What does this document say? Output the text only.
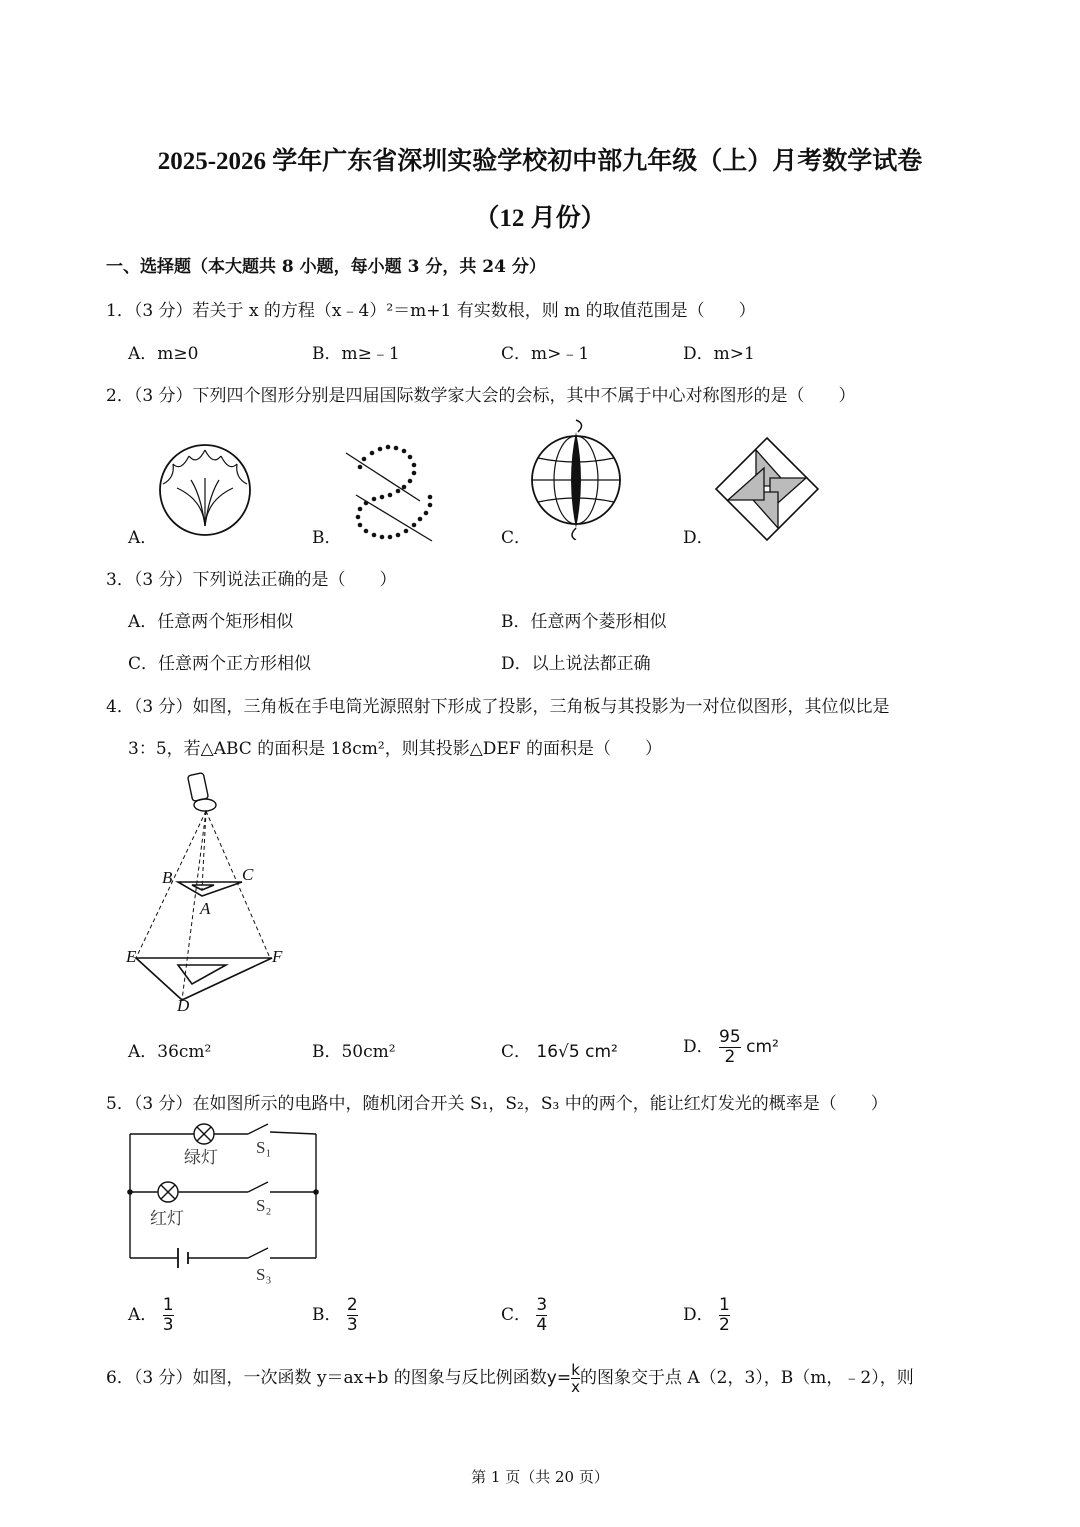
2025-2026 学年广东省深圳实验学校初中部九年级（上）月考数学试卷
（12 月份）
一、选择题（本大题共 8 小题，每小题 3 分，共 24 分）
1．（3 分）若关于 x 的方程（x﹣4）²＝m+1 有实数根，则 m 的取值范围是（　　）
A．m≥0	B．m≥﹣1	C．m>﹣1	D．m>1
2．（3 分）下列四个图形分别是四届国际数学家大会的会标，其中不属于中心对称图形的是（　　）
A．	B．	C．	D．
3．（3 分）下列说法正确的是（　　）
A．任意两个矩形相似	B．任意两个菱形相似
C．任意两个正方形相似	D．以上说法都正确
4．（3 分）如图，三角板在手电筒光源照射下形成了投影，三角板与其投影为一对位似图形，其位似比是
3：5，若△ABC 的面积是 18cm²，则其投影△DEF 的面积是（　　）
B	C
A
E	F
D
A．36cm²	B．50cm²	C． 16√5 cm²	D． $\frac{95}{2} cm^2$
5．（3 分）在如图所示的电路中，随机闭合开关 S₁，S₂，S₃ 中的两个，能让红灯发光的概率是（　　）
绿灯
S₁
红灯
S₂
S₃
A． $\frac{1}{3}$	B． $\frac{2}{3}$	C． $\frac{3}{4}$	D． $\frac{1}{2}$
6．（3 分）如图，一次函数 y＝ax+b 的图象与反比例函数$y= \frac{k}{x}$ 的图象交于点 A（2，3），B（m，﹣2），则
第 1 页（共 20 页）
